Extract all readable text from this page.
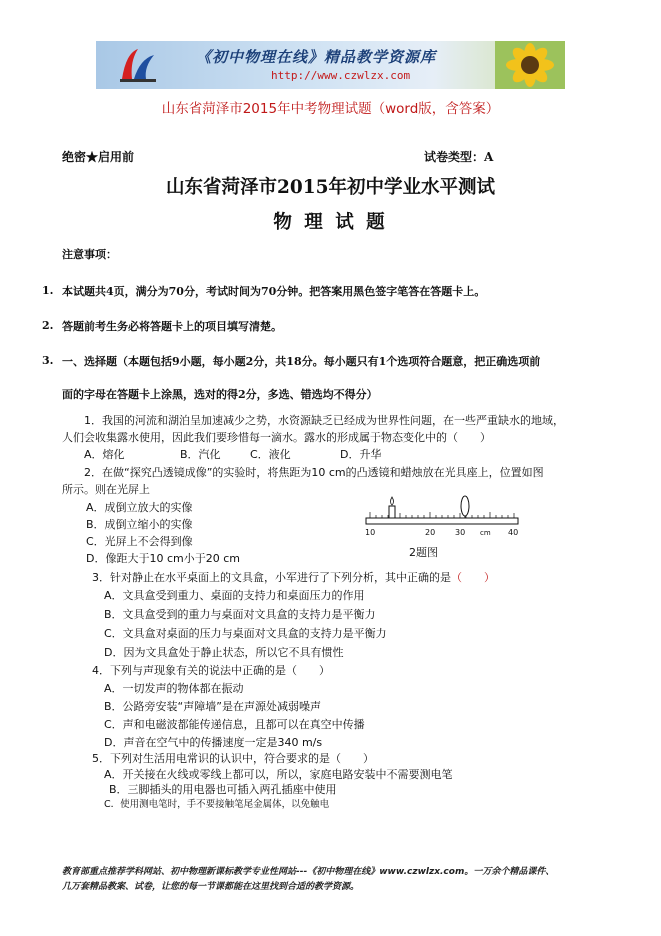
《初中物理在线》精品教学资源库
http://www.czwlzx.com
山东省菏泽市2015年中考物理试题（word版，含答案）
绝密★启用前	试卷类型：A
山东省菏泽市2015年初中学业水平测试
物 理 试 题
注意事项：
1. 本试题共4页，满分为70分，考试时间为70分钟。把答案用黑色签字笔答在答题卡上。
2. 答题前考生务必将答题卡上的项目填写清楚。
3. 一、选择题（本题包括9小题，每小题2分，共18分。每小题只有1个选项符合题意，把正确选项前
面的字母在答题卡上涂黑，选对的得2分，多选、错选均不得分）
1．我国的河流和湖泊呈加速减少之势，水资源缺乏已经成为世界性问题，在一些严重缺水的地域，
人们会收集露水使用，因此我们要珍惜每一滴水。露水的形成属于物态变化中的（　　）
A．熔化	B．汽化	C．液化	D．升华
2．在做“探究凸透镜成像”的实验时，将焦距为10 cm的凸透镜和蜡烛放在光具座上，位置如图
所示。则在光屏上
A．成倒立放大的实像
B．成倒立缩小的实像
C．光屏上不会得到像
D．像距大于10 cm小于20 cm
10	20 30 cm 40
2题图
3．针对静止在水平桌面上的文具盒，小军进行了下列分析，其中正确的是（　　）
A．文具盒受到重力、桌面的支持力和桌面压力的作用
B．文具盒受到的重力与桌面对文具盒的支持力是平衡力
C．文具盒对桌面的压力与桌面对文具盒的支持力是平衡力
D．因为文具盒处于静止状态，所以它不具有惯性
4．下列与声现象有关的说法中正确的是（　　）
A．一切发声的物体都在振动
B．公路旁安装“声障墙”是在声源处减弱噪声
C．声和电磁波都能传递信息，且都可以在真空中传播
D．声音在空气中的传播速度一定是340 m/s
5．下列对生活用电常识的认识中，符合要求的是（　　）
A．开关接在火线或零线上都可以，所以，家庭电路安装中不需要测电笔
B．三脚插头的用电器也可插入两孔插座中使用
C．使用测电笔时，手不要接触笔尾金属体，以免触电
教育部重点推荐学科网站、初中物理新课标教学专业性网站---《初中物理在线》www.czwlzx.com。一万余个精品课件、
几万套精品教案、试卷，让您的每一节课都能在这里找到合适的教学资源。
